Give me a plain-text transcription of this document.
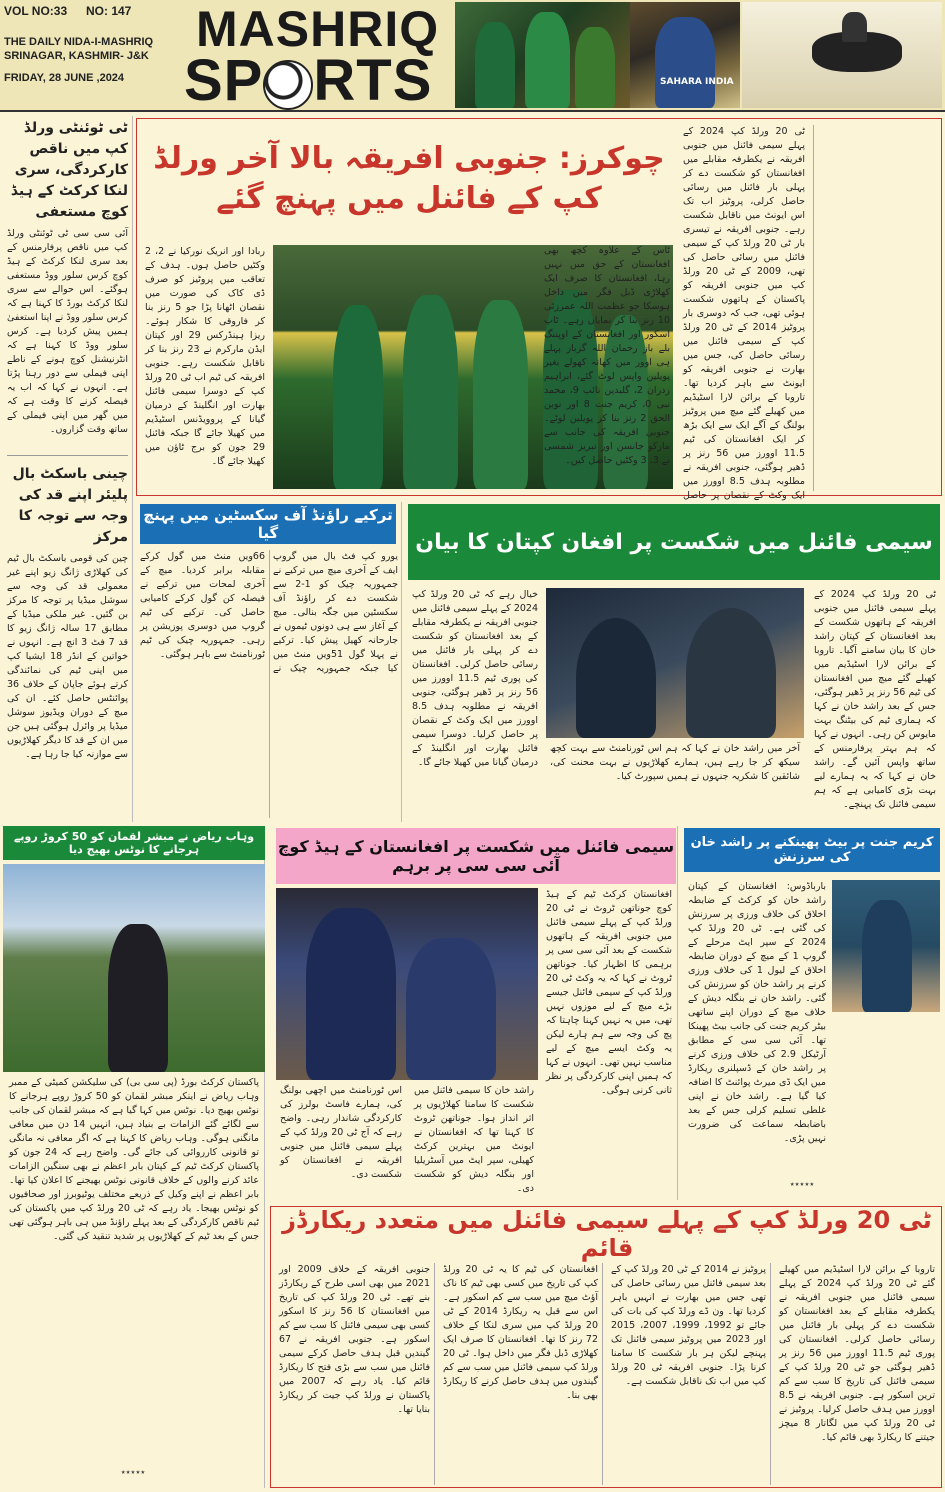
VOL NO:33 NO: 147
THE DAILY NIDA-I-MASHRIQ
SRINAGAR, KASHMIR- J&K
FRIDAY, 28 JUNE ,2024
MASHRIQ
SP RTS	SAHARA INDIA
ٹی ٹوئنٹی ورلڈ کپ میں ناقص کارکردگی، سری لنکا کرکٹ کے ہیڈ کوچ مستعفی
آئی سی سی ٹی ٹوئنٹی ورلڈ کپ میں ناقص پرفارمنس کے بعد سری لنکا کرکٹ کے ہیڈ کوچ کرس سلور ووڈ مستعفی ہوگئے۔ اس حوالے سے سری لنکا کرکٹ بورڈ کا کہنا ہے کہ کرس سلور ووڈ نے اپنا استعفیٰ ہمیں پیش کردیا ہے۔ کرس سلور ووڈ کا کہنا ہے کہ انٹرنیشنل کوچ ہونے کے ناطے اپنی فیملی سے دور رہنا پڑتا ہے۔ انہوں نے کہا کہ اب یہ فیصلہ کرنے کا وقت ہے کہ میں گھر میں اپنی فیملی کے ساتھ وقت گزاروں۔
چینی باسکٹ بال پلیئر اپنے قد کی وجہ سے توجہ کا مرکز
چین کی قومی باسکٹ بال ٹیم کی کھلاڑی ژانگ زیو اپنے غیر معمولی قد کی وجہ سے سوشل میڈیا پر توجہ کا مرکز بن گئیں۔ غیر ملکی میڈیا کے مطابق 17 سالہ ژانگ زیو کا قد 7 فٹ 3 انچ ہے۔ انہوں نے خواتین کے انڈر 18 ایشیا کپ میں اپنی ٹیم کی نمائندگی کرتے ہوئے جاپان کے خلاف 36 پوائنٹس حاصل کئے۔ ان کی میچ کے دوران ویڈیوز سوشل میڈیا پر وائرل ہوگئی ہیں جن میں ان کے قد کا دیگر کھلاڑیوں سے موازنہ کیا جا رہا ہے۔
چوکرز: جنوبی افریقہ بالا آخر ورلڈ کپ کے فائنل میں پہنچ گئے
ٹی 20 ورلڈ کپ 2024 کے پہلے سیمی فائنل میں جنوبی افریقہ نے یکطرفہ مقابلے میں افغانستان کو شکست دے کر پہلی بار فائنل میں رسائی حاصل کرلی، پروٹیز اب تک اس ایونٹ میں ناقابل شکست رہے۔ جنوبی افریقہ نے تیسری بار ٹی 20 ورلڈ کپ کے سیمی فائنل میں رسائی حاصل کی تھی، 2009 کے ٹی 20 ورلڈ کپ میں جنوبی افریقہ کو پاکستان کے ہاتھوں شکست ہوئی تھی، جب کہ دوسری بار پروٹیز 2014 کے ٹی 20 ورلڈ کپ کے سیمی فائنل میں رسائی حاصل کی، جس میں بھارت نے جنوبی افریقہ کو ایونٹ سے باہر کردیا تھا۔ تاروبا کے برائن لارا اسٹیڈیم میں کھیلے گئے میچ میں پروٹیز بولنگ کے آگے ایک سے ایک بڑھ کر ایک افغانستان کی ٹیم 11.5 اوورز میں 56 رنز پر ڈھیر ہوگئی، جنوبی افریقہ نے مطلوبہ ہدف 8.5 اوورز میں ایک وکٹ کے نقصان پر حاصل
ربادا اور انریک نورکیا نے 2، 2 وکٹیں حاصل ہوں۔ ہدف کے تعاقب میں پروٹیز کو صرف ڈی کاک کی صورت میں نقصان اٹھانا پڑا جو 5 رنز بنا کر فاروقی کا شکار ہوئے۔ ریزا ہینڈرکس 29 اور کپتان ایڈن مارکرم نے 23 رنز بنا کر ناقابل شکست رہے۔ جنوبی افریقہ کی ٹیم اب ٹی 20 ورلڈ کپ کے دوسرا سیمی فائنل بھارت اور انگلینڈ کے درمیان گیانا کے پروویڈنس اسٹیڈیم میں کھیلا جائے گا جبکہ فائنل 29 جون کو برج ٹاؤن میں کھیلا جائے گا۔
ٹاس کے علاوہ کچھ بھی افغانستان کے حق میں نہیں رہا، افغانستان کا صرف ایک کھلاڑی ڈبل فگر میں داخل ہوسکا جو عظمت اللہ عمرزئی 10 رنز بنا کر نمایاں رہے۔ ٹاپ اسکور اور افغانستان کے اوپننگ بلے باز رحمان اللہ گرباز پہلے ہی اوور میں کھاتہ کھولے بغیر پویلین واپس لوٹ گئے، ابراہیم زدران 2، گلبدین نائب 9، محمد نبی 0، کریم جنت 8 اور نوین الحق 2 رنز بنا کر پویلین لوٹے۔ جنوبی افریقہ کی جانب سے مارکو جانسن اور تبریز شمسی نے 3، 3 وکٹیں حاصل کیں۔
ترکیے راؤنڈ آف سکسٹین میں پہنچ گیا
یورو کپ فٹ بال میں گروپ ایف کے آخری میچ میں ترکیے نے جمہوریہ چیک کو 1-2 سے شکست دے کر راؤنڈ آف سکسٹین میں جگہ بنالی۔ میچ کے آغاز سے ہی دونوں ٹیموں نے جارحانہ کھیل پیش کیا۔ ترکیے نے پہلا گول 51ویں منٹ میں کیا جبکہ جمہوریہ چیک نے 66ویں منٹ میں گول کرکے مقابلہ برابر کردیا۔ میچ کے آخری لمحات میں ترکیے نے فیصلہ کن گول کرکے کامیابی حاصل کی۔ ترکیے کی ٹیم گروپ میں دوسری پوزیشن پر رہی۔ جمہوریہ چیک کی ٹیم ٹورنامنٹ سے باہر ہوگئی۔
سیمی فائنل میں شکست پر افغان کپتان کا بیان
ٹی 20 ورلڈ کپ 2024 کے پہلے سیمی فائنل میں جنوبی افریقہ کے ہاتھوں شکست کے بعد افغانستان کے کپتان راشد خان کا بیان سامنے آگیا۔ تاروبا کے برائن لارا اسٹیڈیم میں کھیلے گئے میچ میں افغانستان کی ٹیم 56 رنز پر ڈھیر ہوگئی، جس کے بعد راشد خان نے کہا کہ ہماری ٹیم کی بیٹنگ بہت مایوس کن رہی۔ انہوں نے کہا کہ ہم بہتر پرفارمنس کے ساتھ واپس آئیں گے۔ راشد خان نے کہا کہ یہ ہمارے لیے بہت بڑی کامیابی ہے کہ ہم سیمی فائنل تک پہنچے۔
آخر میں راشد خان نے کہا کہ ہم اس ٹورنامنٹ سے بہت کچھ سیکھ کر جا رہے ہیں، ہمارے کھلاڑیوں نے بہت محنت کی، شائقین کا شکریہ جنہوں نے ہمیں سپورٹ کیا۔
خیال رہے کہ ٹی 20 ورلڈ کپ 2024 کے پہلے سیمی فائنل میں جنوبی افریقہ نے یکطرفہ مقابلے کے بعد افغانستان کو شکست دے کر پہلی بار فائنل میں رسائی حاصل کرلی۔ افغانستان کی پوری ٹیم 11.5 اوورز میں 56 رنز پر ڈھیر ہوگئی، جنوبی افریقہ نے مطلوبہ ہدف 8.5 اوورز میں ایک وکٹ کے نقصان پر حاصل کرلیا۔ دوسرا سیمی فائنل بھارت اور انگلینڈ کے درمیان گیانا میں کھیلا جائے گا۔
وہاب ریاض نے مبشر لقمان کو 50 کروڑ روپے ہرجانے کا نوٹس بھیج دیا
پاکستان کرکٹ بورڈ (پی سی بی) کی سلیکشن کمیٹی کے ممبر وہاب ریاض نے اینکر مبشر لقمان کو 50 کروڑ روپے ہرجانے کا نوٹس بھیج دیا۔ نوٹس میں کہا گیا ہے کہ مبشر لقمان کی جانب سے لگائے گئے الزامات بے بنیاد ہیں، انہیں 14 دن میں معافی مانگنی ہوگی۔ وہاب ریاض کا کہنا ہے کہ اگر معافی نہ مانگی تو قانونی کارروائی کی جائے گی۔ واضح رہے کہ 24 جون کو پاکستان کرکٹ ٹیم کے کپتان بابر اعظم نے بھی سنگین الزامات عائد کرنے والوں کے خلاف قانونی نوٹس بھیجنے کا اعلان کیا تھا۔ بابر اعظم نے اپنے وکیل کے ذریعے مختلف یوٹیوبرز اور صحافیوں کو نوٹس بھیجا۔ یاد رہے کہ ٹی 20 ورلڈ کپ میں پاکستان کی ٹیم ناقص کارکردگی کے بعد پہلے راؤنڈ میں ہی باہر ہوگئی تھی جس کے بعد ٹیم کے کھلاڑیوں پر شدید تنقید کی گئی۔
٭٭٭٭٭
سیمی فائنل میں شکست پر افغانستان کے ہیڈ کوچ آئی سی سی پر برہم
افغانستان کرکٹ ٹیم کے ہیڈ کوچ جوناتھن ٹروٹ نے ٹی 20 ورلڈ کپ کے پہلے سیمی فائنل میں جنوبی افریقہ کے ہاتھوں شکست کے بعد آئی سی سی پر برہمی کا اظہار کیا۔ جوناتھن ٹروٹ نے کہا کہ یہ وکٹ ٹی 20 ورلڈ کپ کے سیمی فائنل جیسے بڑے میچ کے لیے موزوں نہیں تھی، میں یہ نہیں کہنا چاہتا کہ پچ کی وجہ سے ہم ہارے لیکن یہ وکٹ ایسے میچ کے لیے مناسب نہیں تھی۔ انہوں نے کہا کہ ہمیں اپنی کارکردگی پر نظر ثانی کرنی ہوگی۔
راشد خان کا سیمی فائنل میں شکست کا سامنا کھلاڑیوں پر اثر انداز ہوا۔ جوناتھن ٹروٹ کا کہنا تھا کہ افغانستان نے ایونٹ میں بہترین کرکٹ کھیلی، سپر ایٹ میں آسٹریلیا اور بنگلہ دیش کو شکست دی۔
اس ٹورنامنٹ میں اچھی بولنگ کی، ہمارے فاسٹ بولرز کی کارکردگی شاندار رہی۔ واضح رہے کہ آج ٹی 20 ورلڈ کپ کے پہلے سیمی فائنل میں جنوبی افریقہ نے افغانستان کو شکست دی۔
کریم جنت پر بیٹ پھینکنے پر راشد خان کی سرزنش
بارباڈوس: افغانستان کے کپتان راشد خان کو کرکٹ کے ضابطہ اخلاق کی خلاف ورزی پر سرزنش کی گئی ہے۔ ٹی 20 ورلڈ کپ 2024 کے سپر ایٹ مرحلے کے گروپ 1 کے میچ کے دوران ضابطہ اخلاق کے لیول 1 کی خلاف ورزی کرنے پر راشد خان کو سرزنش کی گئی۔ راشد خان نے بنگلہ دیش کے خلاف میچ کے دوران اپنے ساتھی بیٹر کریم جنت کی جانب بیٹ پھینکا تھا۔ آئی سی سی کے مطابق آرٹیکل 2.9 کی خلاف ورزی کرنے پر راشد خان کے ڈسپلنری ریکارڈ میں ایک ڈی میرٹ پوائنٹ کا اضافہ کیا گیا ہے۔ راشد خان نے اپنی غلطی تسلیم کرلی جس کے بعد باضابطہ سماعت کی ضرورت نہیں پڑی۔
٭٭٭٭٭
ٹی 20 ورلڈ کپ کے پہلے سیمی فائنل میں متعدد ریکارڈز قائم
تاروبا کے برائن لارا اسٹیڈیم میں کھیلے گئے ٹی 20 ورلڈ کپ 2024 کے پہلے سیمی فائنل میں جنوبی افریقہ نے یکطرفہ مقابلے کے بعد افغانستان کو شکست دے کر پہلی بار فائنل میں رسائی حاصل کرلی۔ افغانستان کی پوری ٹیم 11.5 اوورز میں 56 رنز پر ڈھیر ہوگئی جو ٹی 20 ورلڈ کپ کے سیمی فائنل کی تاریخ کا سب سے کم ترین اسکور ہے۔ جنوبی افریقہ نے 8.5 اوورز میں ہدف حاصل کرلیا۔ پروٹیز نے ٹی 20 ورلڈ کپ میں لگاتار 8 میچز جیتنے کا ریکارڈ بھی قائم کیا۔
پروٹیز نے 2014 کے ٹی 20 ورلڈ کپ کے بعد سیمی فائنل میں رسائی حاصل کی تھی جس میں بھارت نے انہیں باہر کردیا تھا۔ ون ڈے ورلڈ کپ کی بات کی جائے تو 1992، 1999، 2007، 2015 اور 2023 میں پروٹیز سیمی فائنل تک پہنچے لیکن ہر بار شکست کا سامنا کرنا پڑا۔ جنوبی افریقہ ٹی 20 ورلڈ کپ میں اب تک ناقابل شکست ہے۔
افغانستان کی ٹیم کا یہ ٹی 20 ورلڈ کپ کی تاریخ میں کسی بھی ٹیم کا ناک آؤٹ میچ میں سب سے کم اسکور ہے۔ اس سے قبل یہ ریکارڈ 2014 کے ٹی 20 ورلڈ کپ میں سری لنکا کے خلاف 72 رنز کا تھا۔ افغانستان کا صرف ایک کھلاڑی ڈبل فگر میں داخل ہوا۔ ٹی 20 ورلڈ کپ سیمی فائنل میں سب سے کم گیندوں میں ہدف حاصل کرنے کا ریکارڈ بھی بنا۔
جنوبی افریقہ کے خلاف 2009 اور 2021 میں بھی اسی طرح کے ریکارڈز بنے تھے۔ ٹی 20 ورلڈ کپ کی تاریخ میں افغانستان کا 56 رنز کا اسکور کسی بھی سیمی فائنل کا سب سے کم اسکور ہے۔ جنوبی افریقہ نے 67 گیندیں قبل ہدف حاصل کرکے سیمی فائنل میں سب سے بڑی فتح کا ریکارڈ قائم کیا۔ یاد رہے کہ 2007 میں پاکستان نے ورلڈ کپ جیت کر ریکارڈ بنایا تھا۔
